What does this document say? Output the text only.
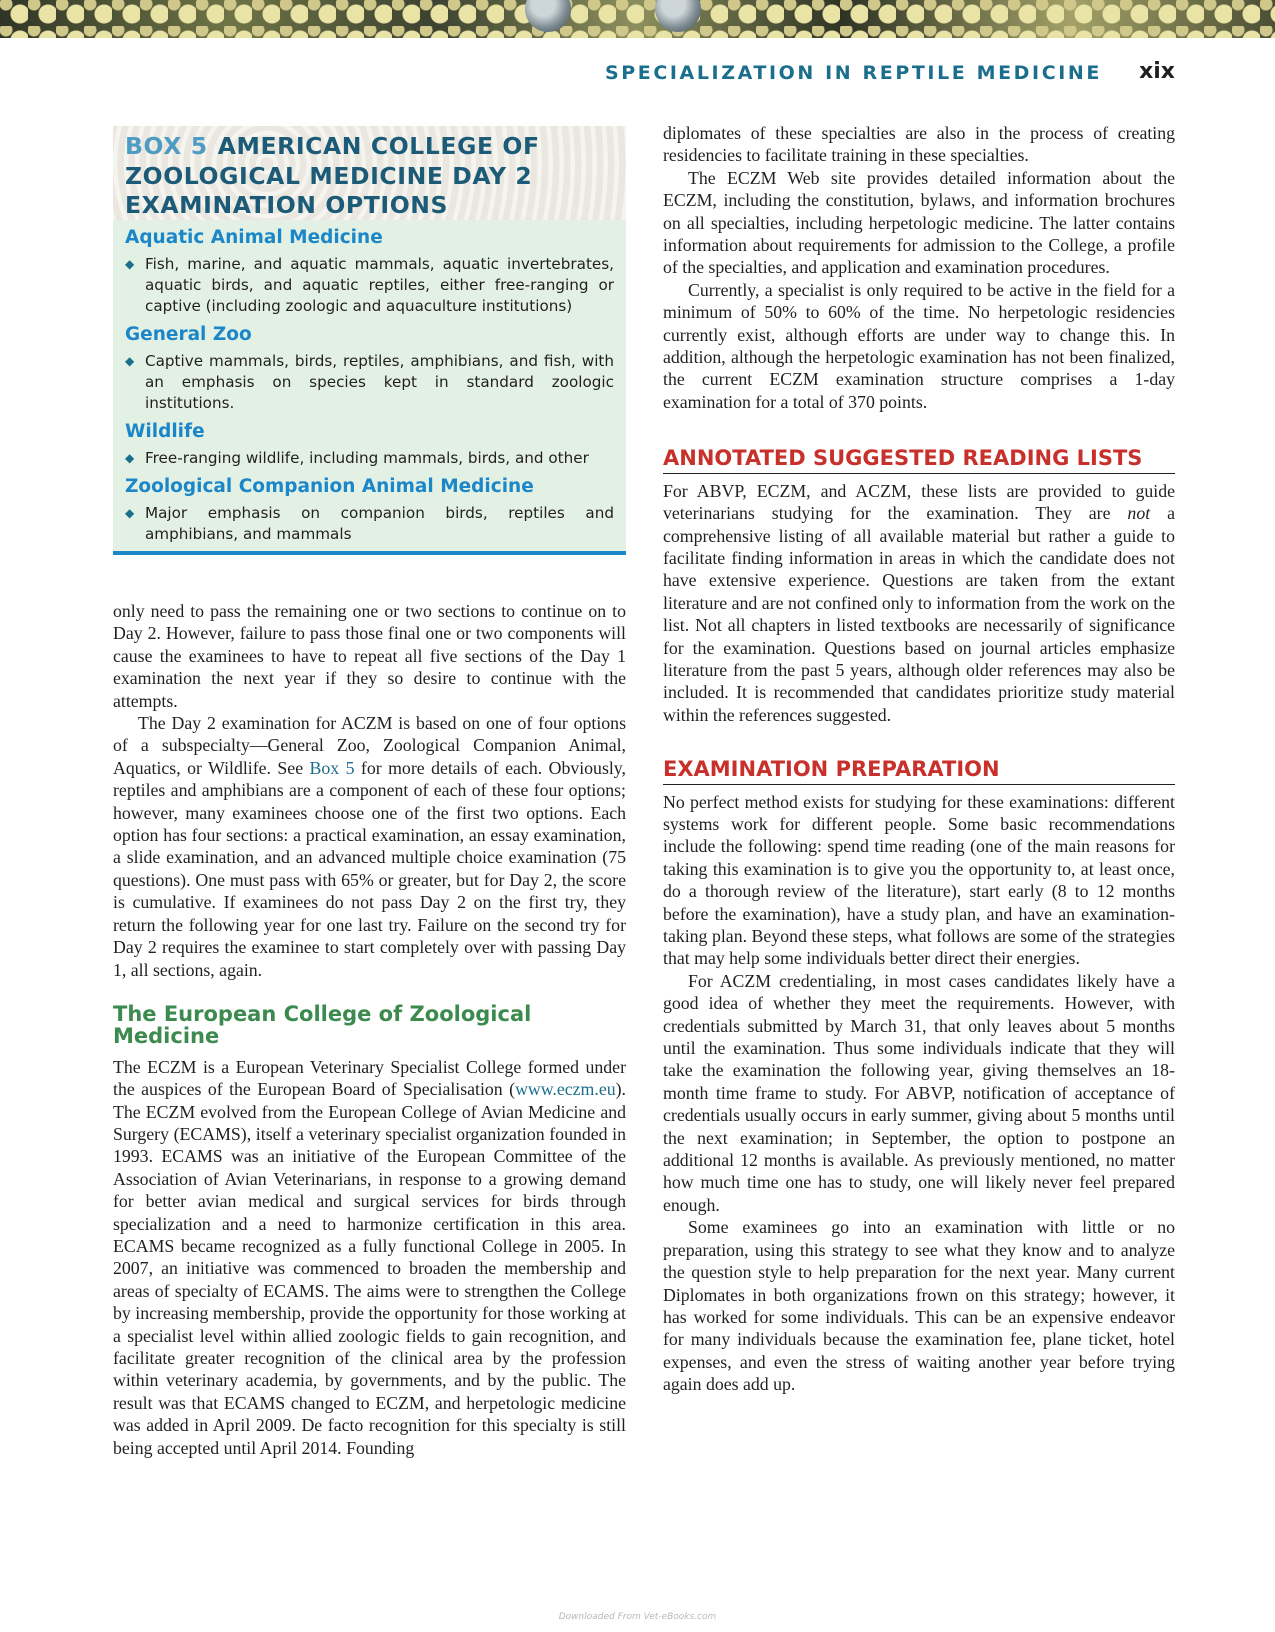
SPECIALIZATION IN REPTILE MEDICINE xix
BOX 5 AMERICAN COLLEGE OF ZOOLOGICAL MEDICINE DAY 2 EXAMINATION OPTIONS
Aquatic Animal Medicine
◆ Fish, marine, and aquatic mammals, aquatic invertebrates, aquatic birds, and aquatic reptiles, either free-ranging or captive (including zoologic and aquaculture institutions)
General Zoo
◆ Captive mammals, birds, reptiles, amphibians, and fish, with an emphasis on species kept in standard zoologic institutions.
Wildlife
◆ Free-ranging wildlife, including mammals, birds, and other
Zoological Companion Animal Medicine
◆ Major emphasis on companion birds, reptiles and amphibians, and mammals

only need to pass the remaining one or two sections to continue on to Day 2. However, failure to pass those final one or two components will cause the examinees to have to repeat all five sections of the Day 1 examination the next year if they so desire to continue with the attempts.

The Day 2 examination for ACZM is based on one of four options of a subspecialty—General Zoo, Zoological Companion Animal, Aquatics, or Wildlife. See Box 5 for more details of each. Obviously, reptiles and amphibians are a component of each of these four options; however, many examinees choose one of the first two options. Each option has four sections: a practical examination, an essay examination, a slide examination, and an advanced multiple choice examination (75 questions). One must pass with 65% or greater, but for Day 2, the score is cumulative. If examinees do not pass Day 2 on the first try, they return the following year for one last try. Failure on the second try for Day 2 requires the examinee to start completely over with passing Day 1, all sections, again.

The European College of Zoological Medicine

The ECZM is a European Veterinary Specialist College formed under the auspices of the European Board of Specialisation (www.eczm.eu). The ECZM evolved from the European College of Avian Medicine and Surgery (ECAMS), itself a veterinary specialist organization founded in 1993. ECAMS was an initiative of the European Committee of the Association of Avian Veterinarians, in response to a growing demand for better avian medical and surgical services for birds through specialization and a need to harmonize certification in this area. ECAMS became recognized as a fully functional College in 2005. In 2007, an initiative was commenced to broaden the membership and areas of specialty of ECAMS. The aims were to strengthen the College by increasing membership, provide the opportunity for those working at a specialist level within allied zoologic fields to gain recognition, and facilitate greater recognition of the clinical area by the profession within veterinary academia, by governments, and by the public. The result was that ECAMS changed to ECZM, and herpetologic medicine was added in April 2009. De facto recognition for this specialty is still being accepted until April 2014. Founding

diplomates of these specialties are also in the process of creating residencies to facilitate training in these specialties.

The ECZM Web site provides detailed information about the ECZM, including the constitution, bylaws, and information brochures on all specialties, including herpetologic medicine. The latter contains information about requirements for admission to the College, a profile of the specialties, and application and examination procedures.

Currently, a specialist is only required to be active in the field for a minimum of 50% to 60% of the time. No herpetologic residencies currently exist, although efforts are under way to change this. In addition, although the herpetologic examination has not been finalized, the current ECZM examination structure comprises a 1-day examination for a total of 370 points.

ANNOTATED SUGGESTED READING LISTS

For ABVP, ECZM, and ACZM, these lists are provided to guide veterinarians studying for the examination. They are not a comprehensive listing of all available material but rather a guide to facilitate finding information in areas in which the candidate does not have extensive experience. Questions are taken from the extant literature and are not confined only to information from the work on the list. Not all chapters in listed textbooks are necessarily of significance for the examination. Questions based on journal articles emphasize literature from the past 5 years, although older references may also be included. It is recommended that candidates prioritize study material within the references suggested.

EXAMINATION PREPARATION

No perfect method exists for studying for these examinations: different systems work for different people. Some basic recommendations include the following: spend time reading (one of the main reasons for taking this examination is to give you the opportunity to, at least once, do a thorough review of the literature), start early (8 to 12 months before the examination), have a study plan, and have an examination-taking plan. Beyond these steps, what follows are some of the strategies that may help some individuals better direct their energies.

For ACZM credentialing, in most cases candidates likely have a good idea of whether they meet the requirements. However, with credentials submitted by March 31, that only leaves about 5 months until the examination. Thus some individuals indicate that they will take the examination the following year, giving themselves an 18-month time frame to study. For ABVP, notification of acceptance of credentials usually occurs in early summer, giving about 5 months until the next examination; in September, the option to postpone an additional 12 months is available. As previously mentioned, no matter how much time one has to study, one will likely never feel prepared enough.

Some examinees go into an examination with little or no preparation, using this strategy to see what they know and to analyze the question style to help preparation for the next year. Many current Diplomates in both organizations frown on this strategy; however, it has worked for some individuals. This can be an expensive endeavor for many individuals because the examination fee, plane ticket, hotel expenses, and even the stress of waiting another year before trying again does add up.

Downloaded From Vet-eBooks.com
